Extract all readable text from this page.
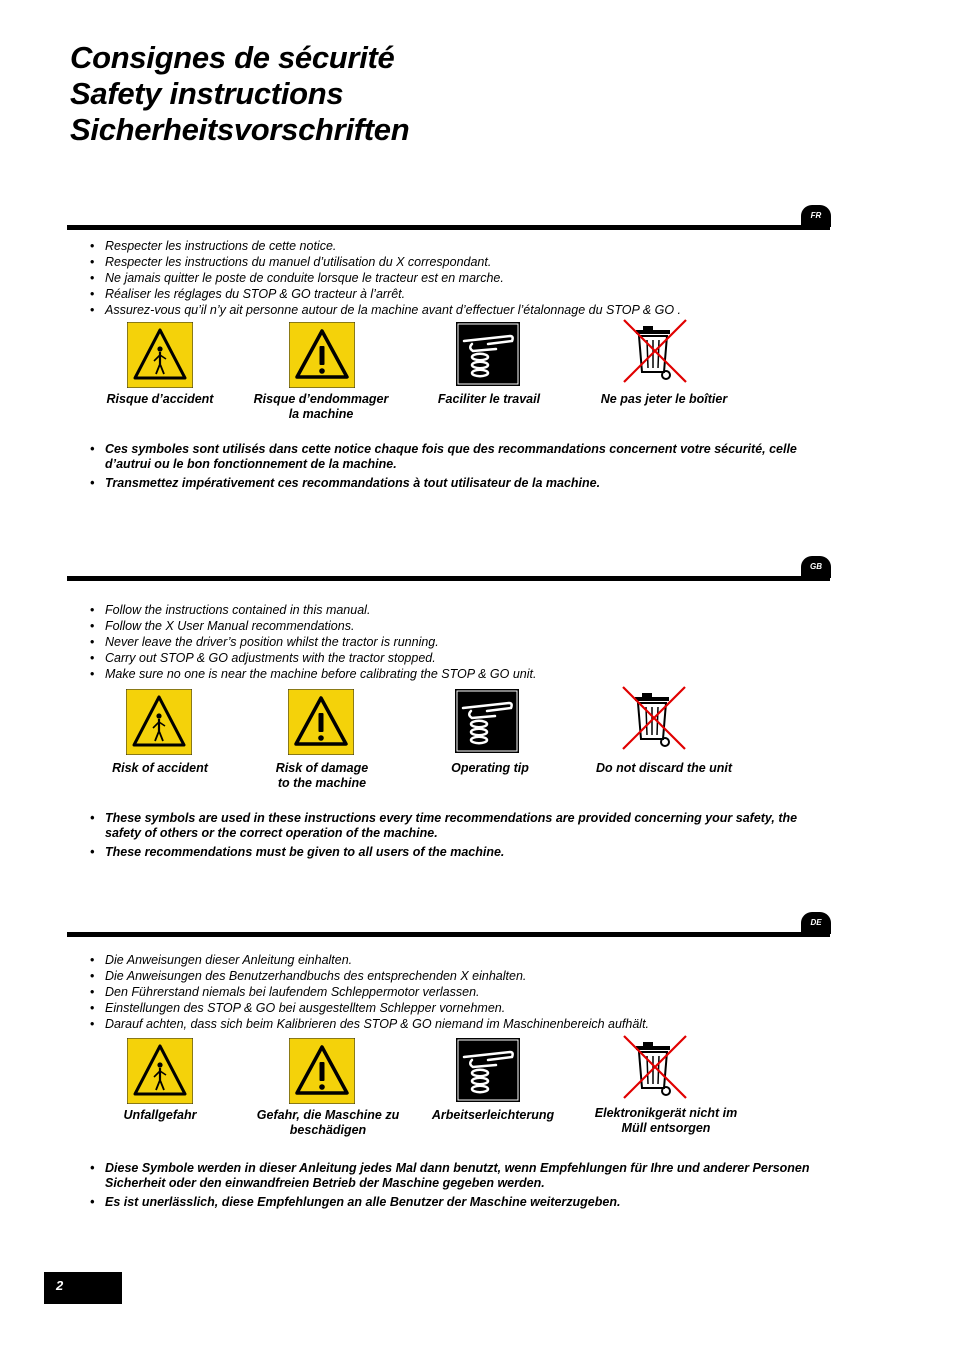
Consignes de sécurité
Safety instructions
Sicherheitsvorschriften
FR
• Respecter les instructions de cette notice.
• Respecter les instructions du manuel d’utilisation du X correspondant.
• Ne jamais quitter le poste de conduite lorsque le tracteur est en marche.
• Réaliser les réglages du STOP & GO tracteur à l’arrêt.
• Assurez-vous qu’il n’y ait personne autour de la machine avant d’effectuer l’étalonnage du STOP & GO .
Risque d’accident	Risque d’endommager
la machine
Faciliter le travail	Ne pas jeter le boîtier
• Ces symboles sont utilisés dans cette notice chaque fois que des recommandations concernent votre sécurité, celle d’autrui ou le bon fonctionnement de la machine.
• Transmettez impérativement ces recommandations à tout utilisateur de la machine.
GB
• Follow the instructions contained in this manual.
• Follow the X User Manual recommendations.
• Never leave the driver’s position whilst the tractor is running.
• Carry out STOP & GO adjustments with the tractor stopped.
• Make sure no one is near the machine before calibrating the STOP & GO unit.
Risk of accident	Risk of damage
to the machine
Operating tip	Do not discard the unit
• These symbols are used in these instructions every time recommendations are provided concerning your safety, the safety of others or the correct operation of the machine.
• These recommendations must be given to all users of the machine.
DE
• Die Anweisungen dieser Anleitung einhalten.
• Die Anweisungen des Benutzerhandbuchs des entsprechenden X einhalten.
• Den Führerstand niemals bei laufendem Schleppermotor verlassen.
• Einstellungen des STOP & GO bei ausgestelltem Schlepper vornehmen.
• Darauf achten, dass sich beim Kalibrieren des STOP & GO niemand im Maschinenbereich aufhält.
Unfallgefahr	Gefahr, die Maschine zu
beschädigen
Arbeitserleichterung	Elektronikgerät nicht im
Müll entsorgen
• Diese Symbole werden in dieser Anleitung jedes Mal dann benutzt, wenn Empfehlungen für Ihre und anderer Personen Sicherheit oder den einwandfreien Betrieb der Maschine gegeben werden.
• Es ist unerlässlich, diese Empfehlungen an alle Benutzer der Maschine weiterzugeben.
2
